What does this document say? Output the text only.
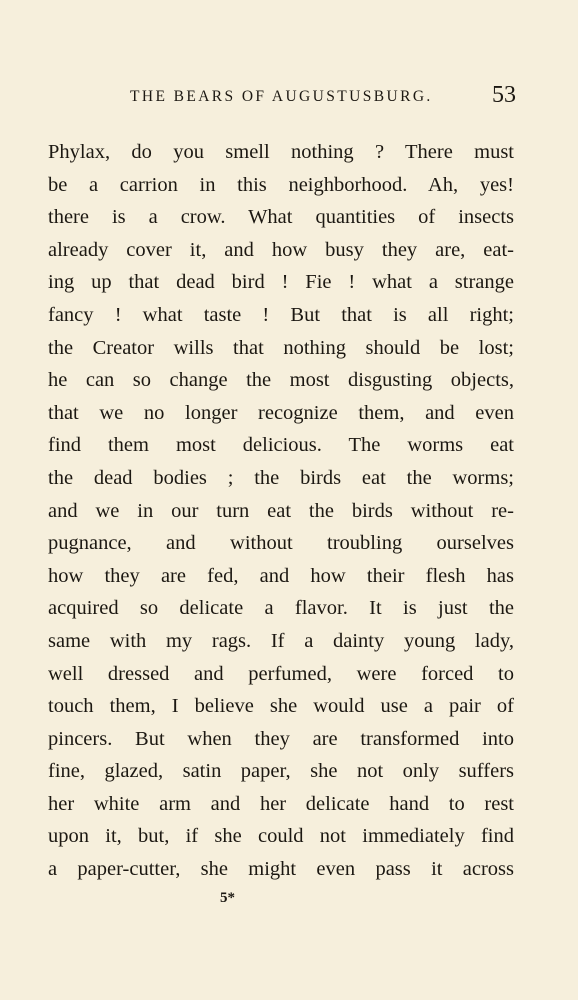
THE BEARS OF AUGUSTUSBURG. 53
Phylax, do you smell nothing ? There must
be a carrion in this neighborhood. Ah, yes!
there is a crow. What quantities of insects
already cover it, and how busy they are, eat-
ing up that dead bird ! Fie ! what a strange
fancy ! what taste ! But that is all right;
the Creator wills that nothing should be lost;
he can so change the most disgusting objects,
that we no longer recognize them, and even
find them most delicious. The worms eat
the dead bodies ; the birds eat the worms;
and we in our turn eat the birds without re-
pugnance, and without troubling ourselves
how they are fed, and how their flesh has
acquired so delicate a flavor. It is just the
same with my rags. If a dainty young lady,
well dressed and perfumed, were forced to
touch them, I believe she would use a pair of
pincers. But when they are transformed into
fine, glazed, satin paper, she not only suffers
her white arm and her delicate hand to rest
upon it, but, if she could not immediately find
a paper-cutter, she might even pass it across
5*
